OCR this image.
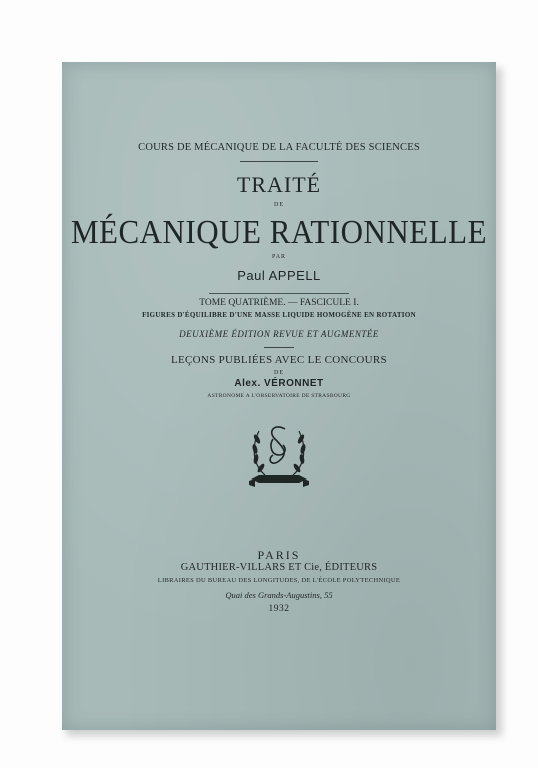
COURS DE MÉCANIQUE DE LA FACULTÉ DES SCIENCES
TRAITÉ
DE
MÉCANIQUE RATIONNELLE
PAR
Paul APPELL
TOME QUATRIÈME. — FASCICULE I.
FIGURES D'ÉQUILIBRE D'UNE MASSE LIQUIDE HOMOGÈNE EN ROTATION
DEUXIÈME ÉDITION REVUE ET AUGMENTÉE
LEÇONS PUBLIÉES AVEC LE CONCOURS
DE
Alex. VÉRONNET
ASTRONOME A L'OBSERVATOIRE DE STRASBOURG
PARIS
GAUTHIER-VILLARS ET Cie, ÉDITEURS
LIBRAIRES DU BUREAU DES LONGITUDES, DE L'ÉCOLE POLYTECHNIQUE
Quai des Grands-Augustins, 55
1932
